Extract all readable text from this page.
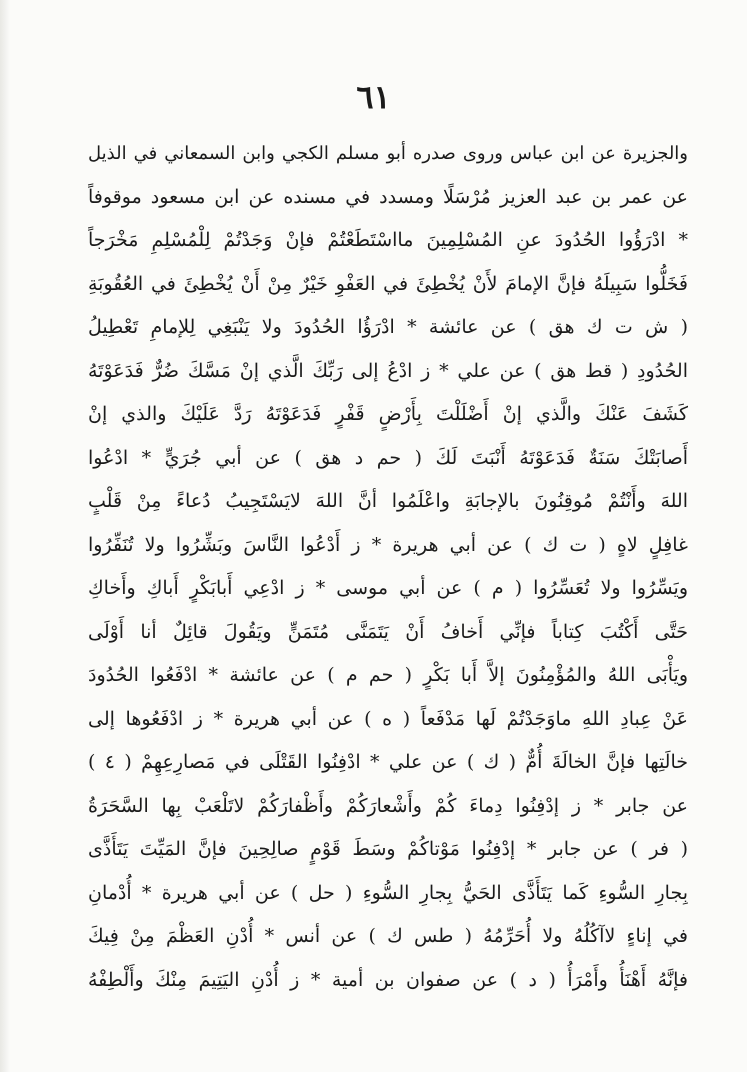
٦١
والجزيرة عن ابن عباس وروى صدره أبو مسلم الكجي وابن السمعاني في الذيل
عن عمر بن عبد العزيز مُرْسَلًا ومسدد في مسنده عن ابن مسعود موقوفاً
* ادْرَؤُوا الحُدُودَ عنِ المُسْلِمِينَ مااسْتَطَعْتُمْ فإنْ وَجَدْتُمْ لِلْمُسْلِمِ مَخْرَجاً
فَخَلُّوا سَبِيلَهُ فإنَّ الإمامَ لأَنْ يُخْطِئَ في العَفْوِ خَيْرٌ مِنْ أَنْ يُخْطِئَ في العُقُوبَةِ
( ش ت ك هق ) عن عائشة * ادْرَؤُا الحُدُودَ ولا يَنْبَغِي لِلإمامِ تَعْطِيلُ
الحُدُودِ ( قط هق ) عن علي * ز ادْعُ إلى رَبِّكَ الَّذي إنْ مَسَّكَ ضُرٌّ فَدَعَوْتَهُ
كَشَفَ عَنْكَ والَّذي إنْ أَضْلَلْتَ بِأَرْضٍ قَفْرٍ فَدَعَوْتَهُ رَدَّ عَلَيْكَ والذي إنْ
أَصابَتْكَ سَنَةٌ فَدَعَوْتَهُ أَنْبَتَ لَكَ ( حم د هق ) عن أبي جُرَيٍّ * ادْعُوا
اللهَ وأَنْتُمْ مُوقِنُونَ بالإجابَةِ واعْلَمُوا أنَّ اللهَ لايَسْتَجِيبُ دُعاءً مِنْ قَلْبٍ
غافِلٍ لاهٍ ( ت ك ) عن أبي هريرة * ز أَدْعُوا النَّاسَ وبَشِّرُوا ولا تُنَفِّرُوا
ويَسِّرُوا ولا تُعَسِّرُوا ( م ) عن أبي موسى * ز ادْعِي أَبابَكْرٍ أَباكِ وأَخاكِ
حَتَّى أَكْتُبَ كِتاباً فإنِّي أَخافُ أَنْ يَتَمَنَّى مُتَمَنٍّ ويَقُولَ قائِلٌ أنا أَوْلَى
ويَأْبَى اللهُ والمُؤْمِنُونَ إلاَّ أَبا بَكْرٍ ( حم م ) عن عائشة * ادْفَعُوا الحُدُودَ
عَنْ عِبادِ اللهِ ماوَجَدْتُمْ لَها مَدْفَعاً ( ه ) عن أبي هريرة * ز ادْفَعُوها إلى
خالَتِها فإنَّ الخالَةَ أُمٌّ ( ك ) عن علي * ادْفِنُوا القَتْلَى في مَصارِعِهِمْ ( ٤ )
عن جابر * ز إدْفِنُوا دِماءَ كُمْ وأَشْعارَكُمْ وأَظْفارَكُمْ لاتَلْعَبْ بِها السَّحَرَةُ
( فر ) عن جابر * إدْفِنُوا مَوْتاكُمْ وسَطَ قَوْمٍ صالِحِينَ فإنَّ المَيِّتَ يَتَأَذَّى
بِجارِ السُّوءِ كَما يَتَأَذَّى الحَيُّ بِجارِ السُّوءِ ( حل ) عن أبي هريرة * أُدْمانِ
في إناءٍ لاآكُلُهُ ولا أُحَرِّمُهُ ( طس ك ) عن أنس * أُدْنِ العَظْمَ مِنْ فِيكَ
فإنَّهُ أَهْنَأُ وأَمْرَأُ ( د ) عن صفوان بن أمية * ز أُدْنِ اليَتِيمَ مِنْكَ وأَلْطِفْهُ
